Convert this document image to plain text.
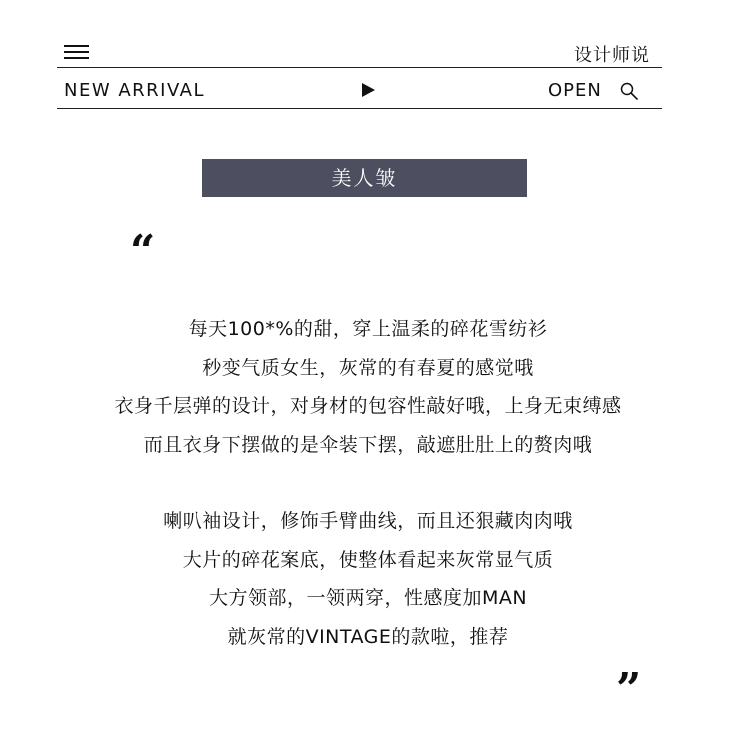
设计师说
NEW ARRIVAL	OPEN
美人皱
“
每天100*%的甜，穿上温柔的碎花雪纺衫
秒变气质女生，灰常的有春夏的感觉哦
衣身千层弹的设计，对身材的包容性敲好哦，上身无束缚感
而且衣身下摆做的是伞装下摆，敲遮肚肚上的赘肉哦
喇叭袖设计，修饰手臂曲线，而且还狠藏肉肉哦
大片的碎花案底，使整体看起来灰常显气质
大方领部，一领两穿，性感度加MAN
就灰常的VINTAGE的款啦，推荐
”
